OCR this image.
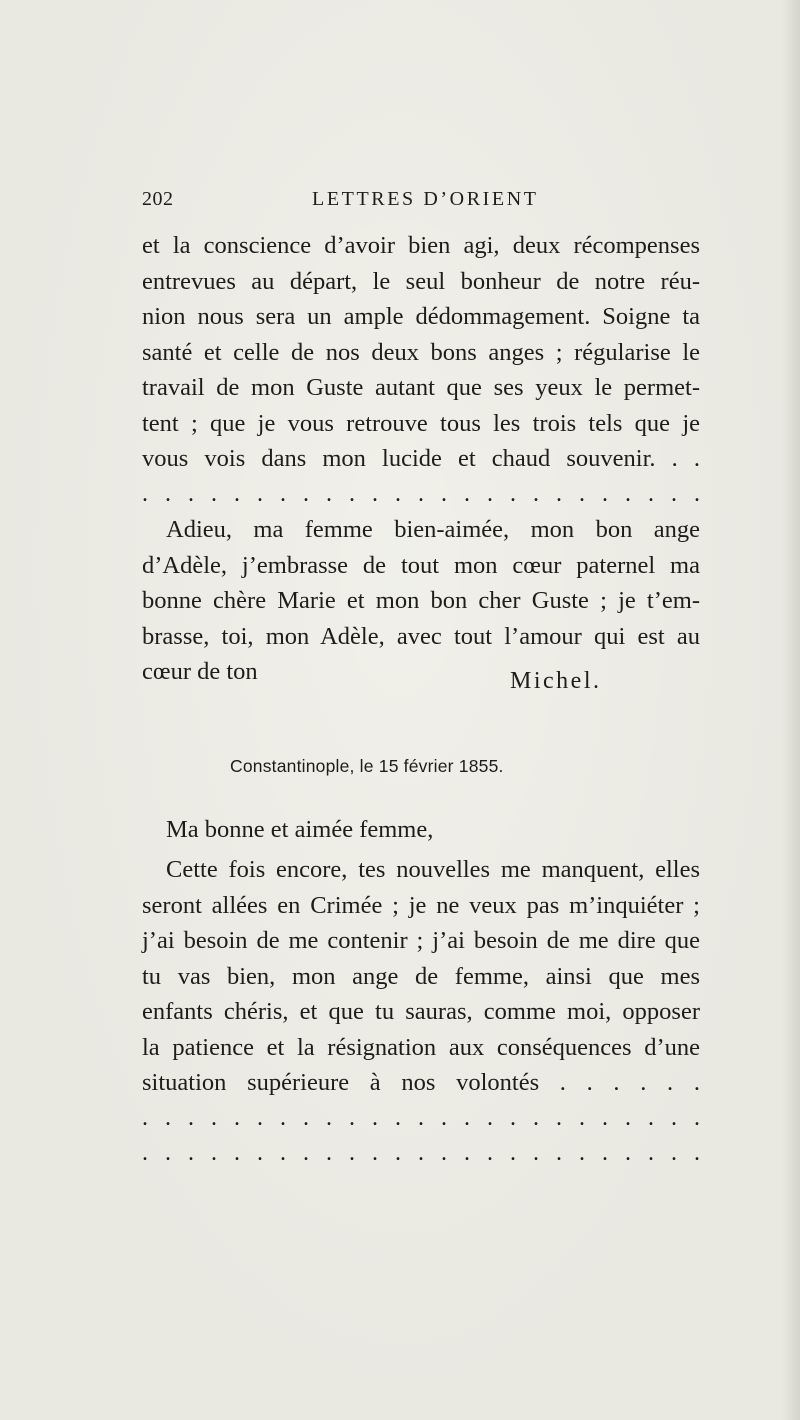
202	LETTRES D’ORIENT
et la conscience d’avoir bien agi, deux récompenses
entrevues au départ, le seul bonheur de notre réu-
nion nous sera un ample dédommagement. Soigne ta
santé et celle de nos deux bons anges ; régularise le
travail de mon Guste autant que ses yeux le permet-
tent ; que je vous retrouve tous les trois tels que je
vous vois dans mon lucide et chaud souvenir. . .
. . . . . . . . . . . . . . . . . . . . . . . . .
Adieu, ma femme bien-aimée, mon bon ange
d’Adèle, j’embrasse de tout mon cœur paternel ma
bonne chère Marie et mon bon cher Guste ; je t’em-
brasse, toi, mon Adèle, avec tout l’amour qui est au
cœur de ton	Michel.
Constantinople, le 15 février 1855.
Ma bonne et aimée femme,
Cette fois encore, tes nouvelles me manquent, elles
seront allées en Crimée ; je ne veux pas m’inquiéter ;
j’ai besoin de me contenir ; j’ai besoin de me dire que
tu vas bien, mon ange de femme, ainsi que mes
enfants chéris, et que tu sauras, comme moi, opposer
la patience et la résignation aux conséquences d’une
situation supérieure à nos volontés . . . . . .
. . . . . . . . . . . . . . . . . . . . . . . . .
. . . . . . . . . . . . . . . . . . . . . . . . .
